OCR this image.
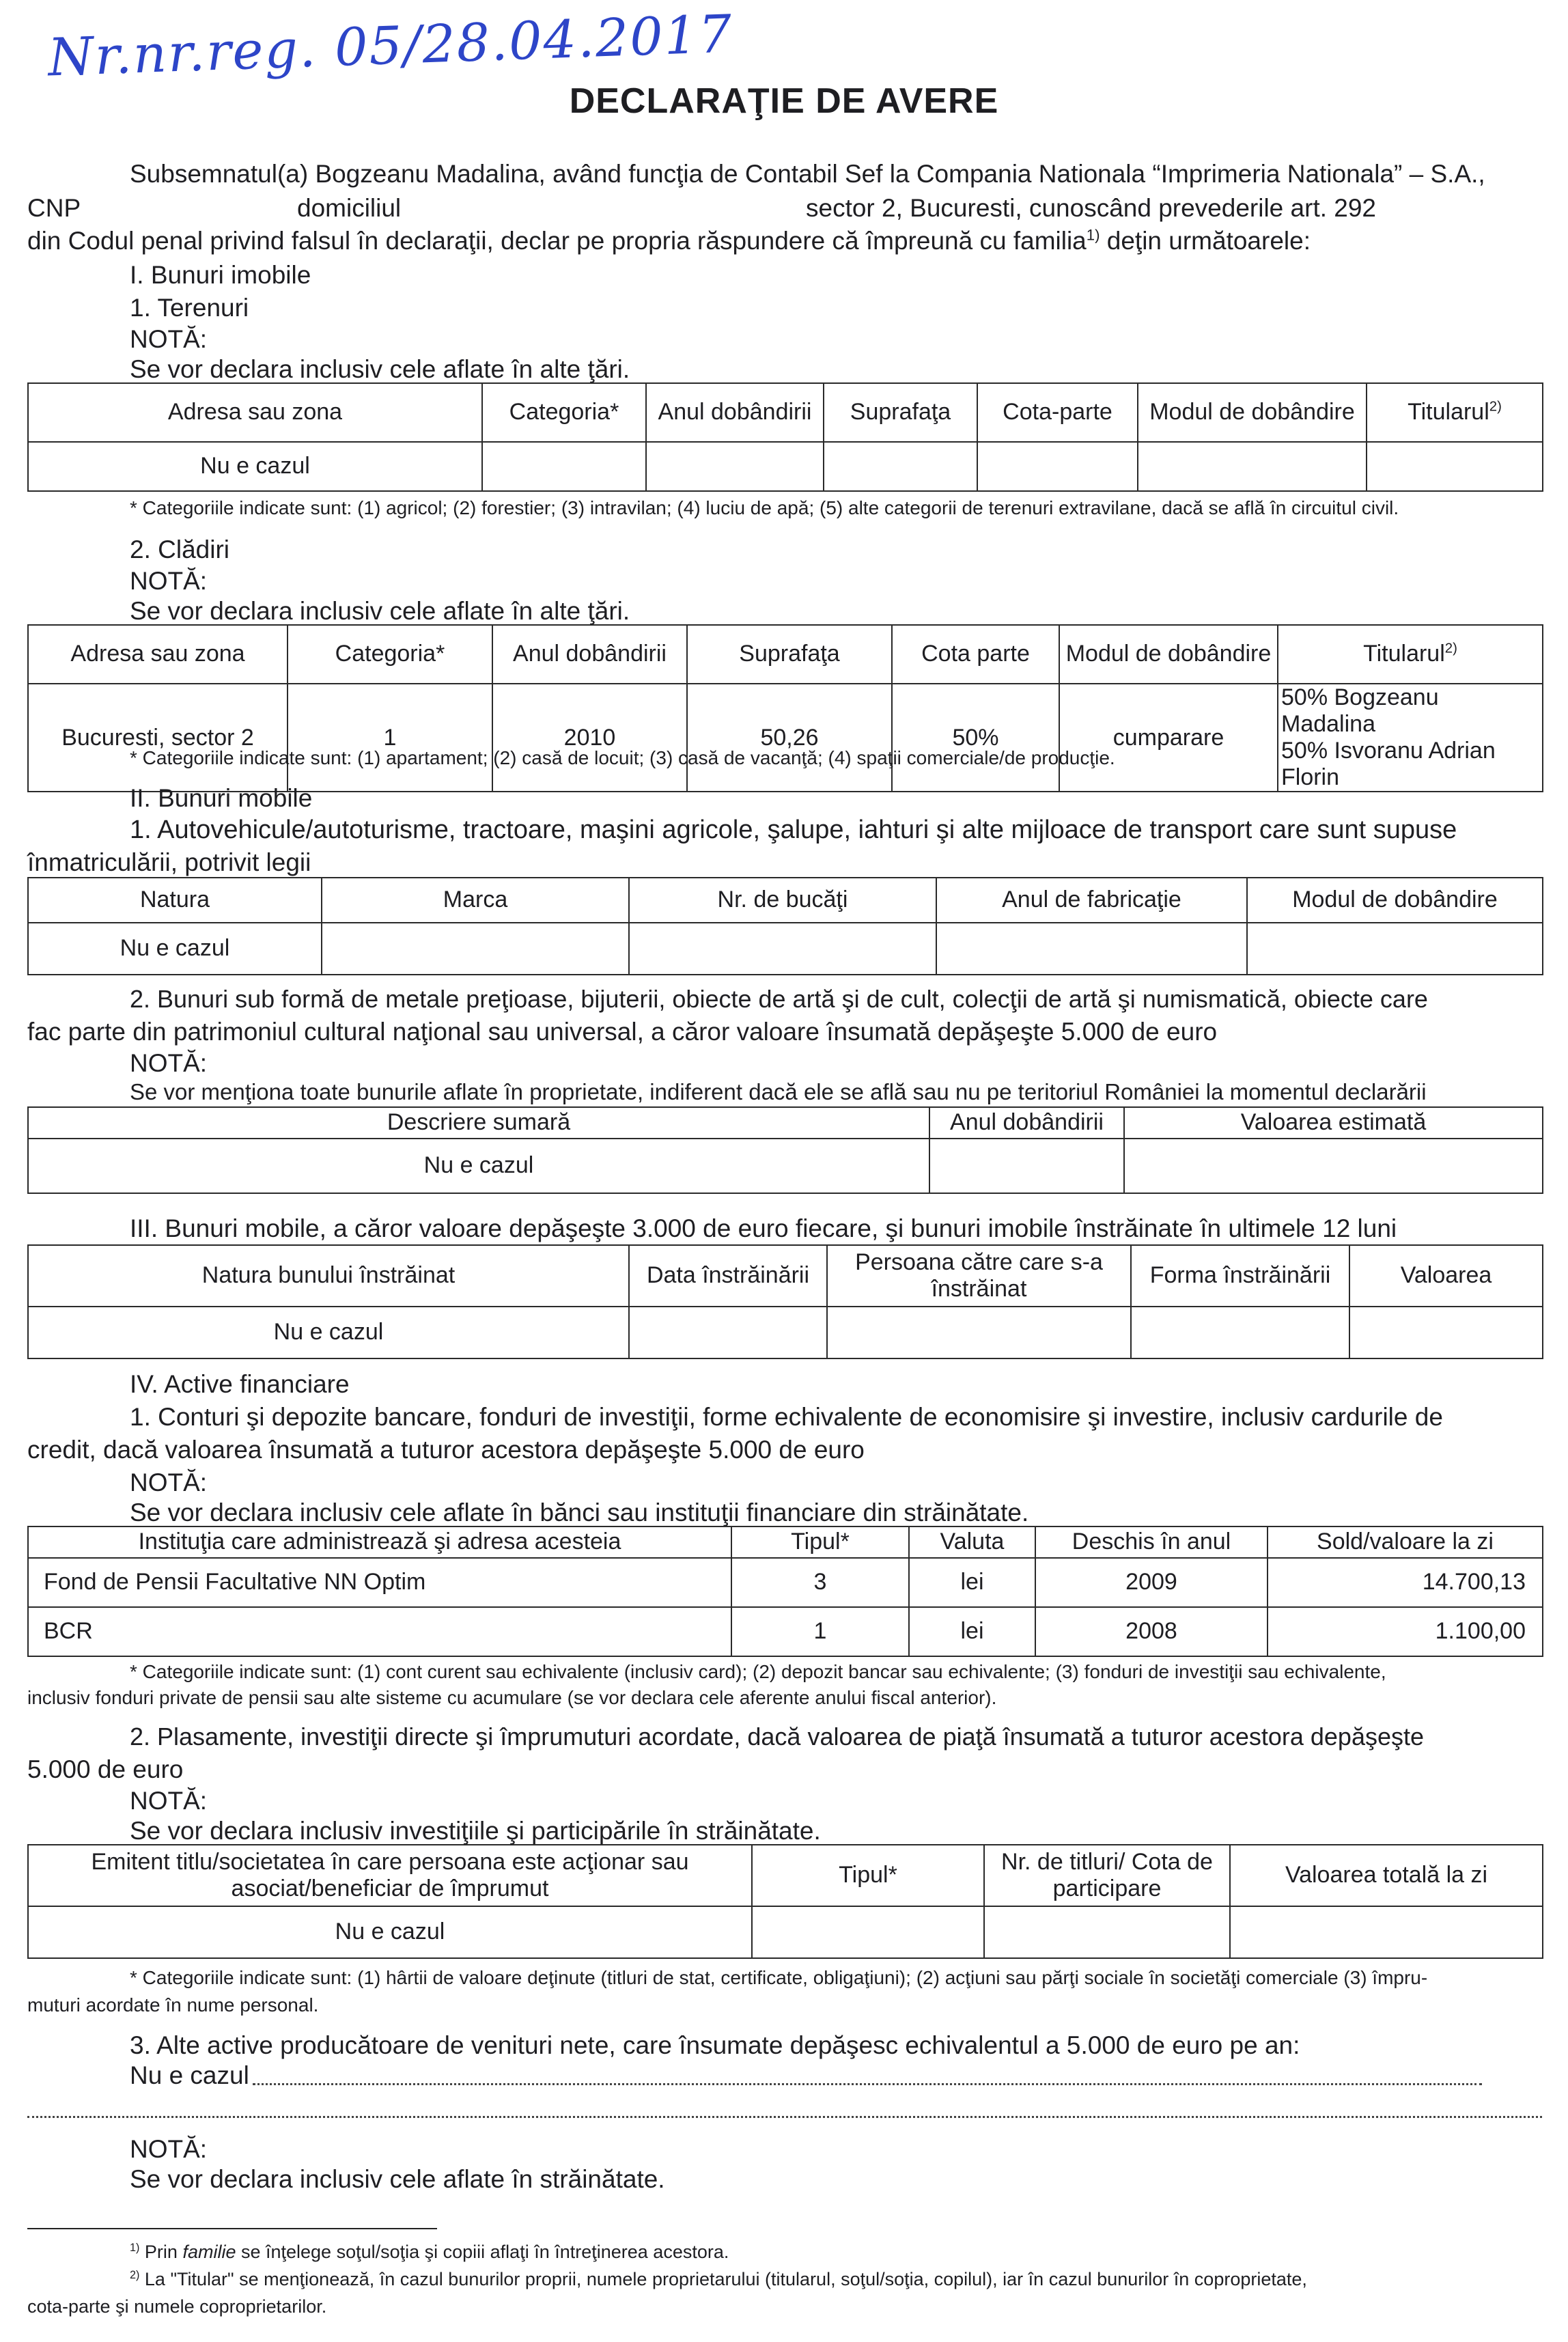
Nr.nr.reg. 05/28.04.2017
DECLARAŢIE DE AVERE
Subsemnatul(a) Bogzeanu Madalina, având funcţia de Contabil Sef la Compania Nationala “Imprimeria Nationala” – S.A.,
CNP	domiciliul	sector 2, Bucuresti, cunoscând prevederile art. 292
din Codul penal privind falsul în declaraţii, declar pe propria răspundere că împreună cu familia$^{1)}$ deţin următoarele:
I. Bunuri imobile
1. Terenuri
NOTĂ:
Se vor declara inclusiv cele aflate în alte ţări.
Adresa sau zona	Categoria*	Anul dobândirii	Suprafaţa	Cota-parte	Modul de dobândire	Titularul$^{2)}$
Nu e cazul						
* Categoriile indicate sunt: (1) agricol; (2) forestier; (3) intravilan; (4) luciu de apă; (5) alte categorii de terenuri extravilane, dacă se află în circuitul civil.
2. Clădiri
NOTĂ:
Se vor declara inclusiv cele aflate în alte ţări.
Adresa sau zona	Categoria*	Anul dobândirii	Suprafaţa	Cota parte	Modul de dobândire	Titularul$^{2)}$
Bucuresti, sector 2	1	2010	50,26	50%	cumparare	50% Bogzeanu Madalina
50% Isvoranu Adrian Florin
* Categoriile indicate sunt: (1) apartament; (2) casă de locuit; (3) casă de vacanţă; (4) spaţii comerciale/de producţie.
II. Bunuri mobile
1. Autovehicule/autoturisme, tractoare, maşini agricole, şalupe, iahturi şi alte mijloace de transport care sunt supuse
înmatriculării, potrivit legii
Natura	Marca	Nr. de bucăţi	Anul de fabricaţie	Modul de dobândire
Nu e cazul				
2. Bunuri sub formă de metale preţioase, bijuterii, obiecte de artă şi de cult, colecţii de artă şi numismatică, obiecte care
fac parte din patrimoniul cultural naţional sau universal, a căror valoare însumată depăşeşte 5.000 de euro
NOTĂ:
Se vor menţiona toate bunurile aflate în proprietate, indiferent dacă ele se află sau nu pe teritoriul României la momentul declarării
Descriere sumară	Anul dobândirii	Valoarea estimată
Nu e cazul		
III. Bunuri mobile, a căror valoare depăşeşte 3.000 de euro fiecare, şi bunuri imobile înstrăinate în ultimele 12 luni
Natura bunului înstrăinat	Data înstrăinării	Persoana către care s-a înstrăinat	Forma înstrăinării	Valoarea
Nu e cazul				
IV. Active financiare
1. Conturi şi depozite bancare, fonduri de investiţii, forme echivalente de economisire şi investire, inclusiv cardurile de
credit, dacă valoarea însumată a tuturor acestora depăşeşte 5.000 de euro
NOTĂ:
Se vor declara inclusiv cele aflate în bănci sau instituţii financiare din străinătate.
Instituţia care administrează şi adresa acesteia	Tipul*	Valuta	Deschis în anul	Sold/valoare la zi
Fond de Pensii Facultative NN Optim	3	lei	2009	14.700,13
BCR	1	lei	2008	1.100,00
* Categoriile indicate sunt: (1) cont curent sau echivalente (inclusiv card); (2) depozit bancar sau echivalente; (3) fonduri de investiţii sau echivalente,
inclusiv fonduri private de pensii sau alte sisteme cu acumulare (se vor declara cele aferente anului fiscal anterior).
2. Plasamente, investiţii directe şi împrumuturi acordate, dacă valoarea de piaţă însumată a tuturor acestora depăşeşte
5.000 de euro
NOTĂ:
Se vor declara inclusiv investiţiile şi participările în străinătate.
Emitent titlu/societatea în care persoana este acţionar sau asociat/beneficiar de împrumut	Tipul*	Nr. de titluri/ Cota de participare	Valoarea totală la zi
Nu e cazul			
* Categoriile indicate sunt: (1) hârtii de valoare deţinute (titluri de stat, certificate, obligaţiuni); (2) acţiuni sau părţi sociale în societăţi comerciale (3) împru-
muturi acordate în nume personal.
3. Alte active producătoare de venituri nete, care însumate depăşesc echivalentul a 5.000 de euro pe an:
Nu e cazul
NOTĂ:
Se vor declara inclusiv cele aflate în străinătate.
$^{1)}$ Prin familie se înţelege soţul/soţia şi copiii aflaţi în întreţinerea acestora.
$^{2)}$ La "Titular" se menţionează, în cazul bunurilor proprii, numele proprietarului (titularul, soţul/soţia, copilul), iar în cazul bunurilor în coproprietate,
cota-parte şi numele coproprietarilor.
